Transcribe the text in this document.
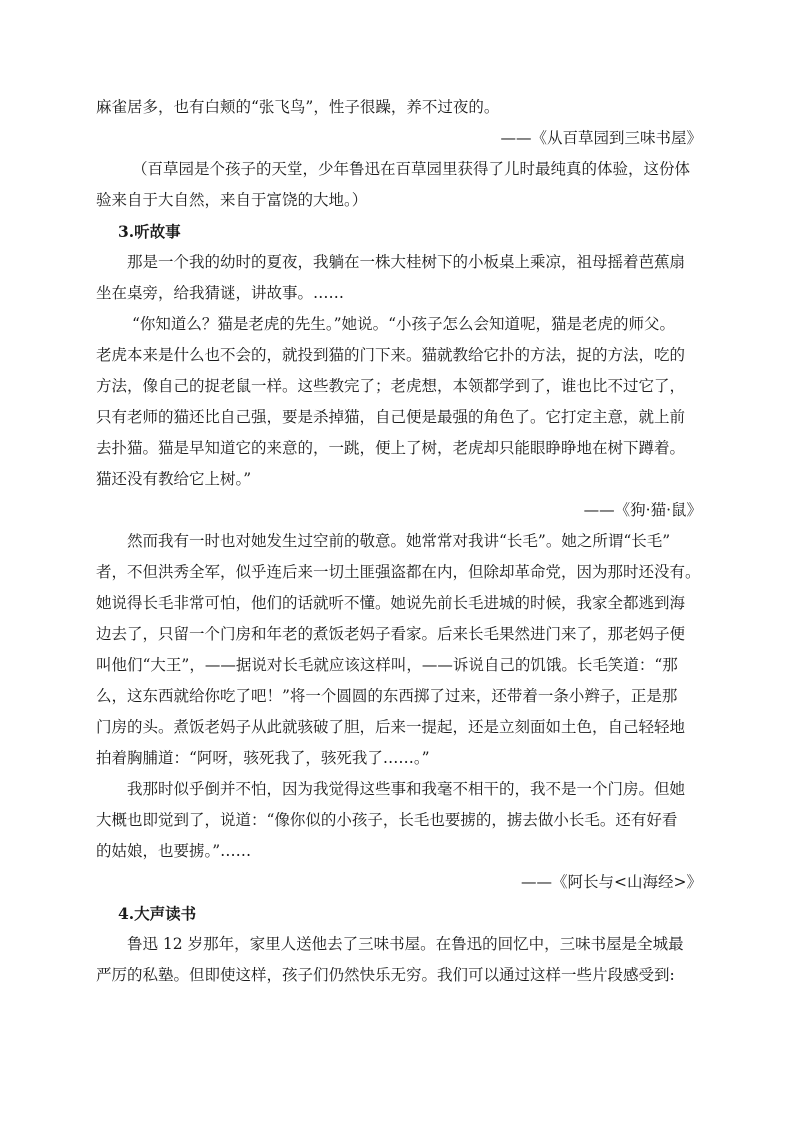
麻雀居多，也有白颊的“张飞鸟”，性子很躁，养不过夜的。
——《从百草园到三味书屋》
（百草园是个孩子的天堂，少年鲁迅在百草园里获得了儿时最纯真的体验，这份体
验来自于大自然，来自于富饶的大地。）
3.听故事
那是一个我的幼时的夏夜，我躺在一株大桂树下的小板桌上乘凉，祖母摇着芭蕉扇
坐在桌旁，给我猜谜，讲故事。……
“你知道么？猫是老虎的先生。”她说。“小孩子怎么会知道呢，猫是老虎的师父。
老虎本来是什么也不会的，就投到猫的门下来。猫就教给它扑的方法，捉的方法，吃的
方法，像自己的捉老鼠一样。这些教完了；老虎想，本领都学到了，谁也比不过它了，
只有老师的猫还比自己强，要是杀掉猫，自己便是最强的角色了。它打定主意，就上前
去扑猫。猫是早知道它的来意的，一跳，便上了树，老虎却只能眼睁睁地在树下蹲着。
猫还没有教给它上树。”
——《狗·猫·鼠》
然而我有一时也对她发生过空前的敬意。她常常对我讲“长毛”。她之所谓“长毛”
者，不但洪秀全军，似乎连后来一切土匪强盗都在内，但除却革命党，因为那时还没有。
她说得长毛非常可怕，他们的话就听不懂。她说先前长毛进城的时候，我家全都逃到海
边去了，只留一个门房和年老的煮饭老妈子看家。后来长毛果然进门来了，那老妈子便
叫他们“大王”，——据说对长毛就应该这样叫，——诉说自己的饥饿。长毛笑道：“那
么，这东西就给你吃了吧！”将一个圆圆的东西掷了过来，还带着一条小辫子，正是那
门房的头。煮饭老妈子从此就骇破了胆，后来一提起，还是立刻面如土色，自己轻轻地
拍着胸脯道：“阿呀，骇死我了，骇死我了……。”
我那时似乎倒并不怕，因为我觉得这些事和我毫不相干的，我不是一个门房。但她
大概也即觉到了，说道：“像你似的小孩子，长毛也要掳的，掳去做小长毛。还有好看
的姑娘，也要掳。”……
——《阿长与<山海经>》
4.大声读书
鲁迅 12 岁那年，家里人送他去了三味书屋。在鲁迅的回忆中，三味书屋是全城最
严厉的私塾。但即使这样，孩子们仍然快乐无穷。我们可以通过这样一些片段感受到:
